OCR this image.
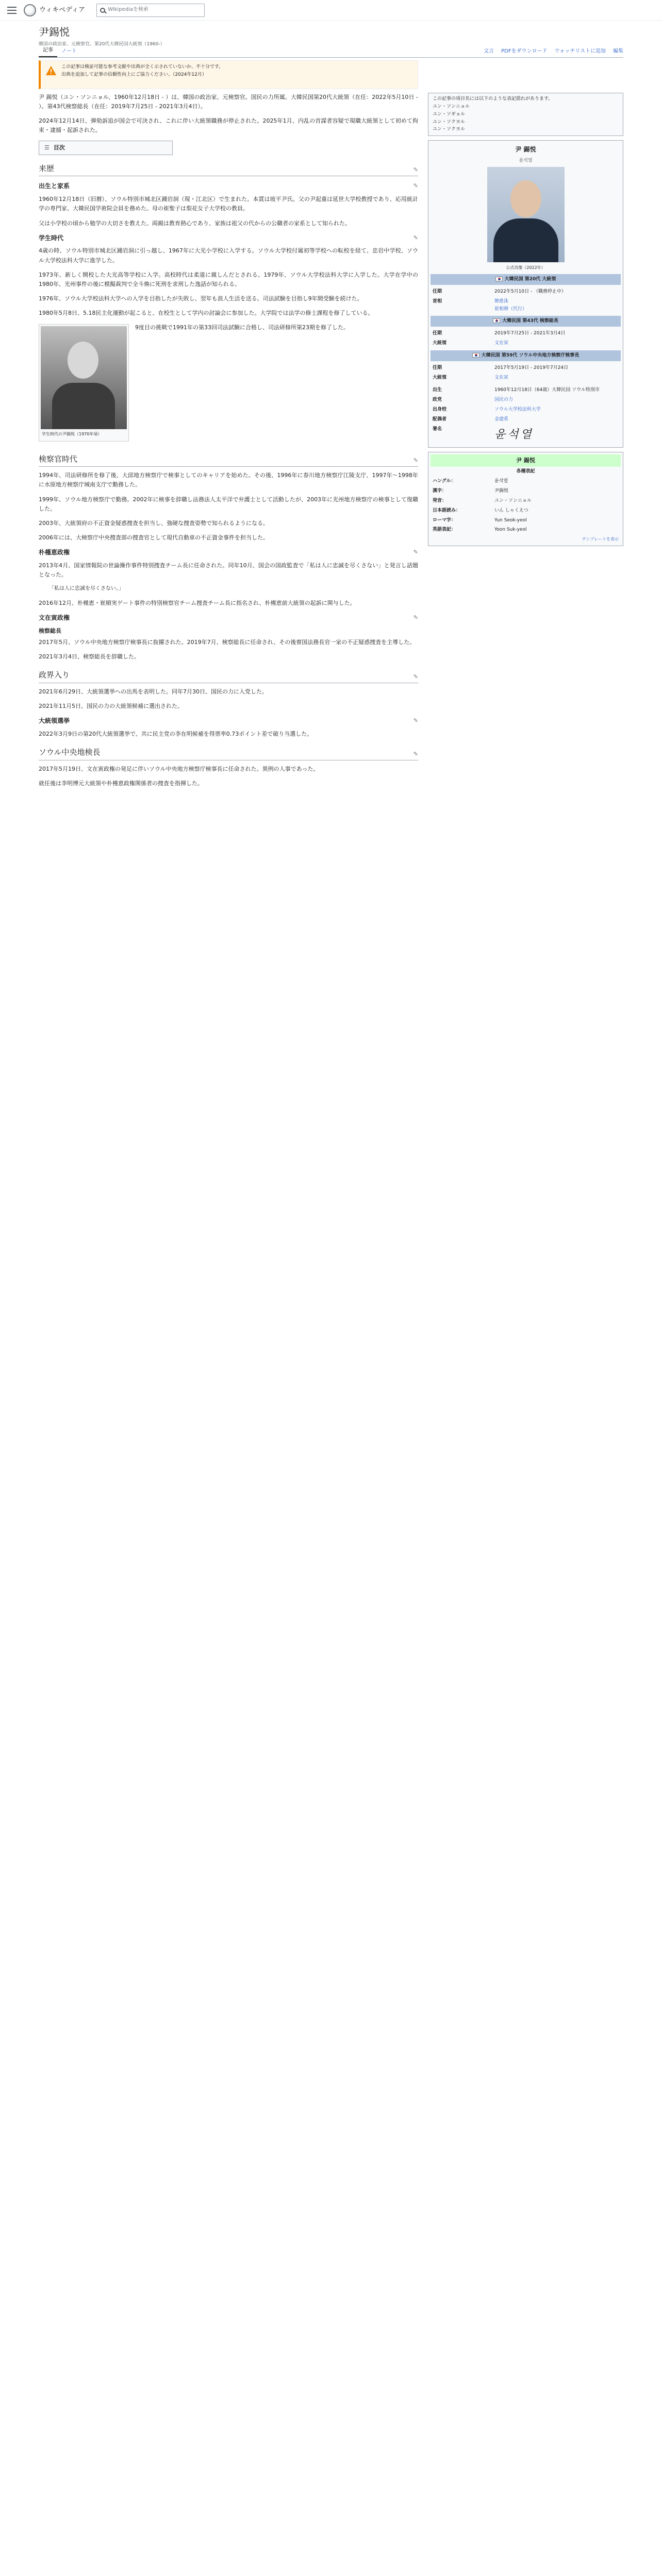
ウィキペディア	Wikipediaを検索
尹錫悦
韓国の政治家、元検察官。第20代大韓民国大統領（1960-）
記事	ノート	文言 PDFをダウンロード ウォッチリストに追加 編集
この記事は検証可能な参考文献や出典が全く示されていないか、不十分です。
出典を追加して記事の信頼性向上にご協力ください。（2024年12月）

尹 錫悦（ユン・ソンニョル、1960年12月18日 - ）は、韓国の政治家、元検察官。国民の力所属。大韓民国第20代大統領（在任：2022年5月10日 - ）。第43代検察総長（在任：2019年7月25日 - 2021年3月4日）。

2024年12月14日、弾劾訴追が国会で可決され、これに伴い大統領職務が停止された。2025年1月、内乱の首謀者容疑で現職大統領として初めて拘束・逮捕・起訴された。

☰ 目次
来歴	✎
出生と家系	✎

1960年12月18日（旧暦）、ソウル特別市城北区鍾岩洞（現・江北区）で生まれた。本貫は坡平尹氏。父の尹起重は延世大学校教授であり、応用統計学の専門家、大韓民国学術院会員を務めた。母の崔聖子は梨花女子大学校の教員。

父は小学校の頃から勉学の大切さを教えた。両親は教育熱心であり、家族は祖父の代からの公職者の家系として知られた。

学生時代	✎

4歳の時、ソウル特別市城北区鍾岩洞に引っ越し、1967年に大光小学校に入学する。ソウル大学校付属初等学校への転校を経て、忠岩中学校、ソウル大学校法科大学に進学した。

1973年、新しく開校した大光高等学校に入学。高校時代は柔道に親しんだとされる。1979年、ソウル大学校法科大学に入学した。大学在学中の1980年、光州事件の後に模擬裁判で全斗煥に死刑を求刑した逸話が知られる。

1976年、ソウル大学校法科大学への入学を目指したが失敗し、翌年も浪人生活を送る。司法試験を目指し9年間受験を続けた。

1980年5月8日、5.18民主化運動が起こると、在校生として学内の討論会に参加した。大学院では法学の修士課程を修了している。

学生時代の尹錫悦（1970年頃）

9度目の挑戦で1991年の第33回司法試験に合格し、司法研修所第23期を修了した。

検察官時代	✎

1994年、司法研修所を修了後、大邱地方検察庁で検事としてのキャリアを始めた。その後、1996年に春川地方検察庁江陵支庁、1997年～1998年に水原地方検察庁城南支庁で勤務した。

1999年、ソウル地方検察庁で勤務。2002年に検事を辞職し法務法人太平洋で弁護士として活動したが、2003年に光州地方検察庁の検事として復職した。

2003年、大統領府の不正資金疑惑捜査を担当し、強硬な捜査姿勢で知られるようになる。

2006年には、大検察庁中央捜査部の捜査官として現代自動車の不正資金事件を担当した。

朴槿恵政権	✎

2013年4月、国家情報院の世論操作事件特別捜査チーム長に任命された。同年10月、国会の国政監査で「私は人に忠誠を尽くさない」と発言し話題となった。

「私は人に忠誠を尽くさない。」

2016年12月、朴槿恵・崔順実ゲート事件の特別検察官チーム捜査チーム長に指名され、朴槿恵前大統領の起訴に関与した。

文在寅政権	✎
検察総長

2017年5月、ソウル中央地方検察庁検事長に抜擢された。2019年7月、検察総長に任命され、その後曺国法務長官一家の不正疑惑捜査を主導した。

2021年3月4日、検察総長を辞職した。

政界入り	✎

2021年6月29日、大統領選挙への出馬を表明した。同年7月30日、国民の力に入党した。

2021年11月5日、国民の力の大統領候補に選出された。

大統領選挙	✎

2022年3月9日の第20代大統領選挙で、共に民主党の李在明候補を得票率0.73ポイント差で破り当選した。

ソウル中央地検長	✎

2017年5月19日、文在寅政権の発足に伴いソウル中央地方検察庁検事長に任命された。異例の人事であった。

就任後は李明博元大統領や朴槿恵政権関係者の捜査を指揮した。

この記事の項目名には以下のような表記揺れがあります。
ユン・ソンニョル
ユン・ソギョル
ユン・ソクヨル
ユン・ソクヨル
尹 錫悦
윤석열
公式肖像（2022年）
大韓民国 第20代 大統領
任期	2022年5月10日 - （職務停止中）
首相	韓悳洙
崔相穆（代行）
大韓民国 第43代 検察総長
任期	2019年7月25日 - 2021年3月4日
大統領	文在寅
大韓民国 第59代 ソウル中央地方検察庁検事長
任期	2017年5月19日 - 2019年7月24日
大統領	文在寅
出生	1960年12月18日（64歳）大韓民国 ソウル特別市
政党	国民の力
出身校	ソウル大学校法科大学
配偶者	金建希
署名	윤석열
尹 錫悦
各種表記
ハングル：	윤석열
漢字：	尹錫悦
発音：	ユン・ソンニョル
日本語読み：	いん しゃくえつ
ローマ字：	Yun Seok-yeol
英語表記：	Yoon Suk-yeol
テンプレートを表示
